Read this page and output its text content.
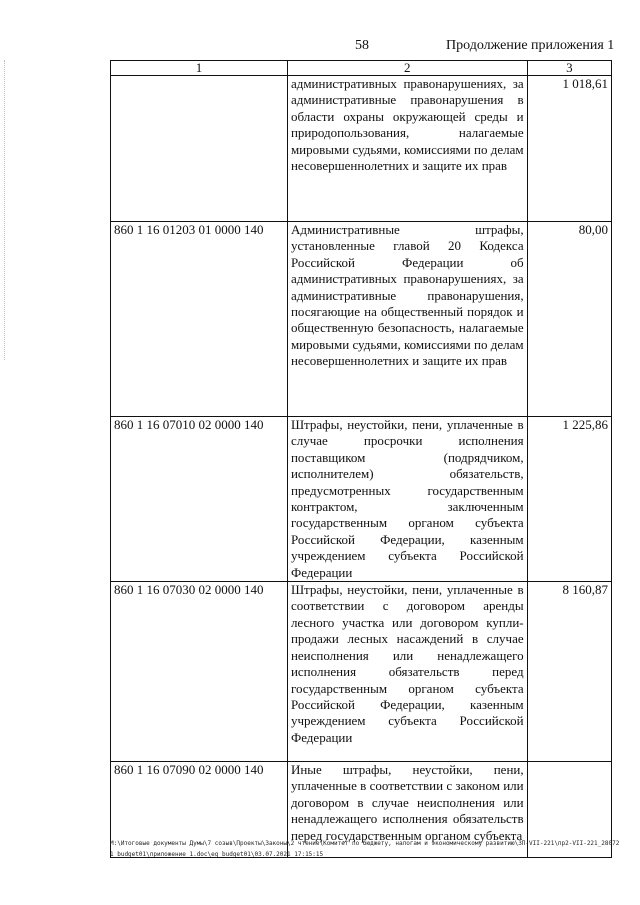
58	Продолжение приложения 1
1	2	3
	административных правонарушениях, за административные правонарушения в области охраны окружающей среды и природопользования, налагаемые мировыми судьями, комиссиями по делам несовершеннолетних и защите их прав	1 018,61
860 1 16 01203 01 0000 140	Административные штрафы, установленные главой 20 Кодекса Российской Федерации об административных правонарушениях, за административные правонарушения, посягающие на общественный порядок и общественную безопасность, налагаемые мировыми судьями, комиссиями по делам несовершеннолетних и защите их прав	80,00
860 1 16 07010 02 0000 140	Штрафы, неустойки, пени, уплаченные в случае просрочки исполнения поставщиком (подрядчиком, исполнителем) обязательств, предусмотренных государственным контрактом, заключенным государственным органом субъекта Российской Федерации, казенным учреждением субъекта Российской Федерации	1 225,86
860 1 16 07030 02 0000 140	Штрафы, неустойки, пени, уплаченные в соответствии с договором аренды лесного участка или договором купли-продажи лесных насаждений в случае неисполнения или ненадлежащего исполнения обязательств перед государственным органом субъекта Российской Федерации, казенным учреждением субъекта Российской Федерации	8 160,87
860 1 16 07090 02 0000 140	Иные штрафы, неустойки, пени, уплаченные в соответствии с законом или договором в случае неисполнения или ненадлежащего исполнения обязательств перед государственным органом субъекта	
M:\Итоговые документы Думы\7 созыв\Проекты\Законы\2 чтение\Комитет по бюджету, налогам и экономическому развитию\ЗП-VII-221\пр2-VII-221_280721_budget01\приложение 1.doc\eg_budget01\03.07.2021 17:15:15
